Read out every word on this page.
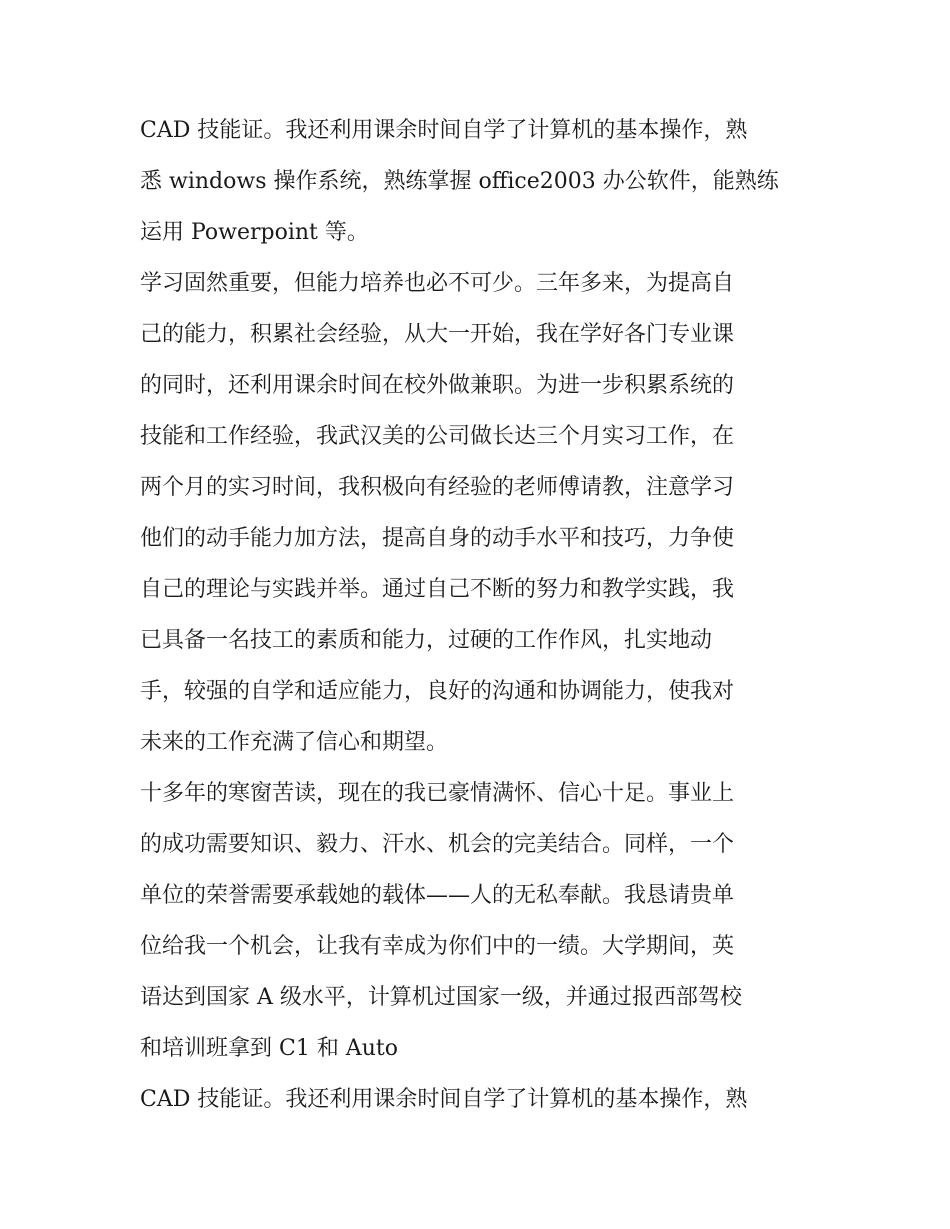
CAD 技能证。我还利用课余时间自学了计算机的基本操作，熟
悉 windows 操作系统，熟练掌握 office2003 办公软件，能熟练
运用 Powerpoint 等。
学习固然重要，但能力培养也必不可少。三年多来，为提高自
己的能力，积累社会经验，从大一开始，我在学好各门专业课
的同时，还利用课余时间在校外做兼职。为进一步积累系统的
技能和工作经验，我武汉美的公司做长达三个月实习工作，在
两个月的实习时间，我积极向有经验的老师傅请教，注意学习
他们的动手能力加方法，提高自身的动手水平和技巧，力争使
自己的理论与实践并举。通过自己不断的努力和教学实践，我
已具备一名技工的素质和能力，过硬的工作作风，扎实地动
手，较强的自学和适应能力，良好的沟通和协调能力，使我对
未来的工作充满了信心和期望。
十多年的寒窗苦读，现在的我已豪情满怀、信心十足。事业上
的成功需要知识、毅力、汗水、机会的完美结合。同样，一个
单位的荣誉需要承载她的载体——人的无私奉献。我恳请贵单
位给我一个机会，让我有幸成为你们中的一绩。大学期间，英
语达到国家 A 级水平，计算机过国家一级，并通过报西部驾校
和培训班拿到 C1 和 Auto
CAD 技能证。我还利用课余时间自学了计算机的基本操作，熟
